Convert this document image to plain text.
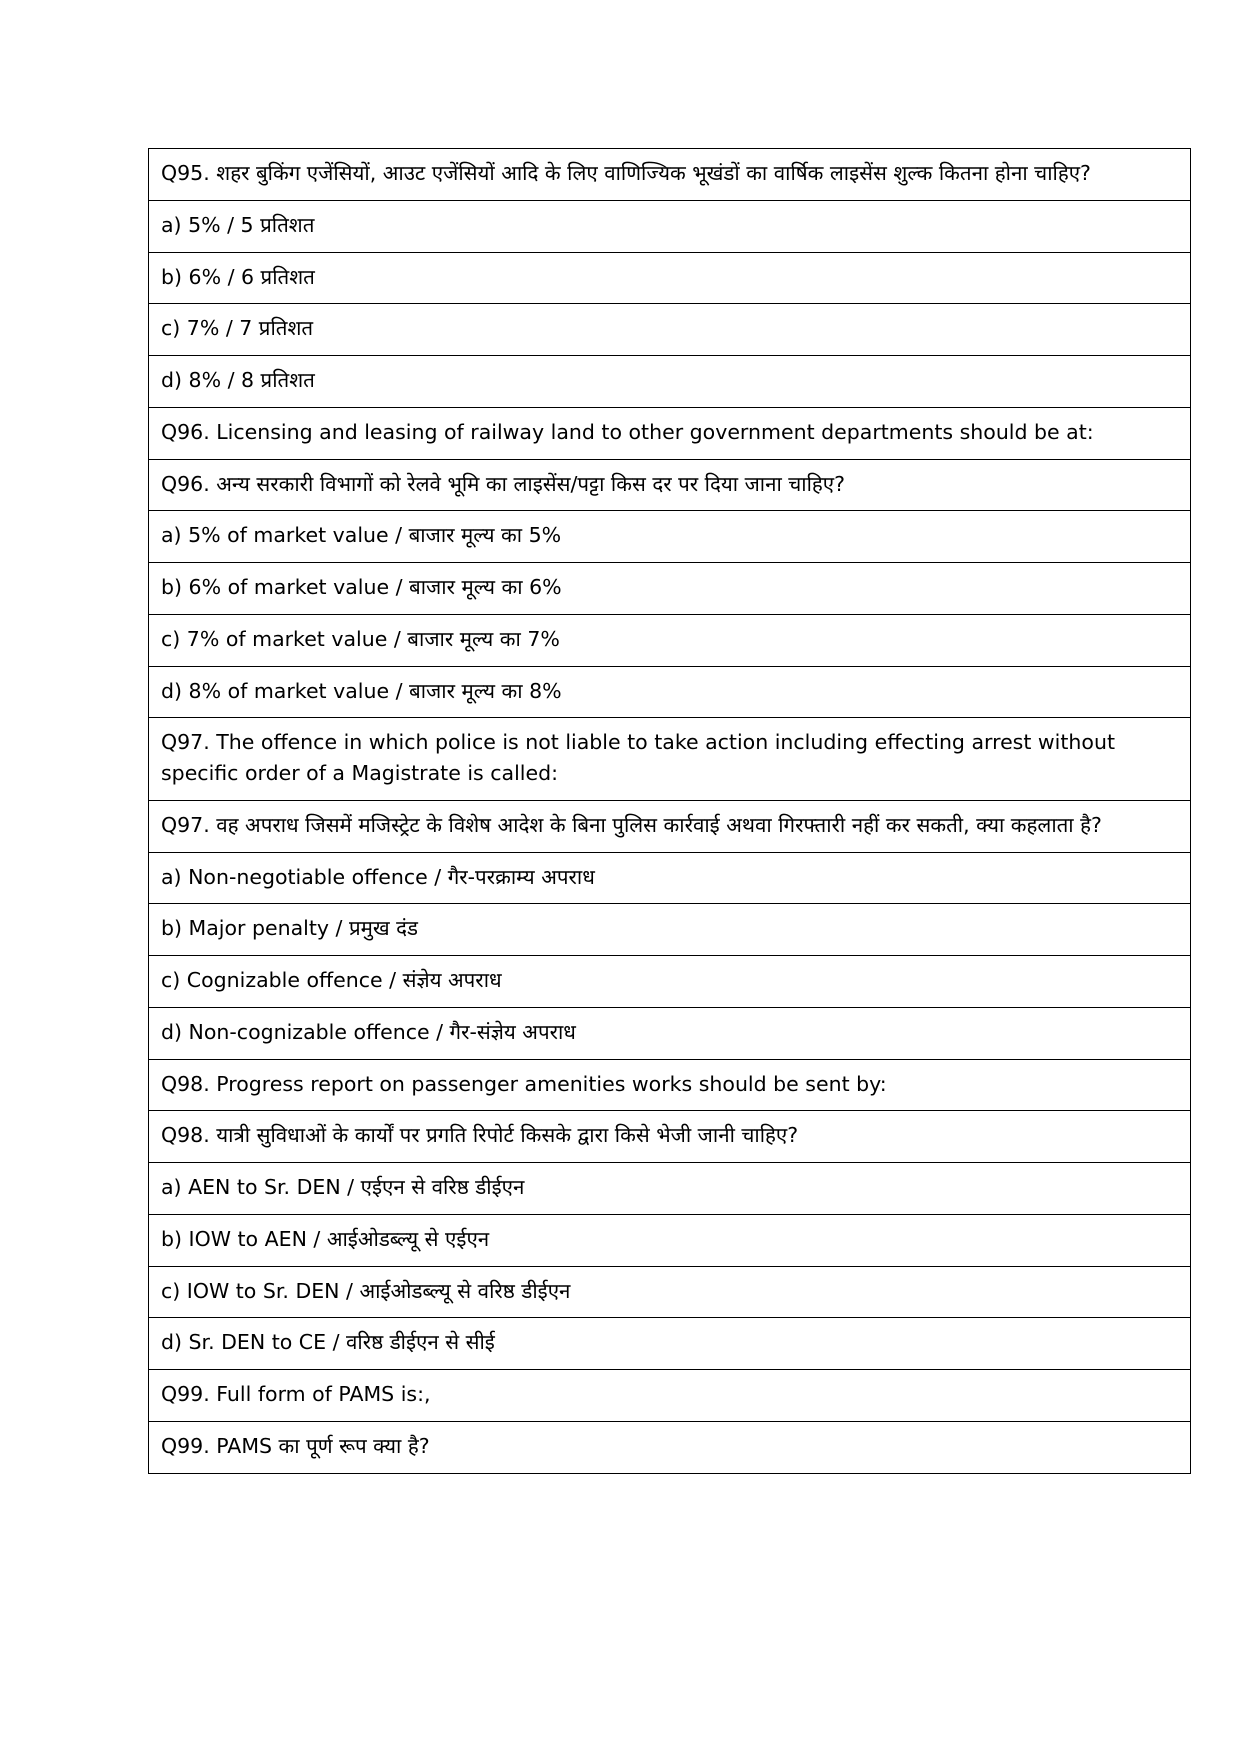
Q95. शहर बुकिंग एजेंसियों, आउट एजेंसियों आदि के लिए वाणिज्यिक भूखंडों का वार्षिक लाइसेंस शुल्क कितना होना चाहिए?
a) 5% / 5 प्रतिशत
b) 6% / 6 प्रतिशत
c) 7% / 7 प्रतिशत
d) 8% / 8 प्रतिशत
Q96. Licensing and leasing of railway land to other government departments should be at:
Q96. अन्य सरकारी विभागों को रेलवे भूमि का लाइसेंस/पट्टा किस दर पर दिया जाना चाहिए?
a) 5% of market value / बाजार मूल्य का 5%
b) 6% of market value / बाजार मूल्य का 6%
c) 7% of market value / बाजार मूल्य का 7%
d) 8% of market value / बाजार मूल्य का 8%
Q97. The offence in which police is not liable to take action including effecting arrest without specific order of a Magistrate is called:
Q97. वह अपराध जिसमें मजिस्ट्रेट के विशेष आदेश के बिना पुलिस कार्रवाई अथवा गिरफ्तारी नहीं कर सकती, क्या कहलाता है?
a) Non-negotiable offence / गैर-परक्राम्य अपराध
b) Major penalty / प्रमुख दंड
c) Cognizable offence / संज्ञेय अपराध
d) Non-cognizable offence / गैर-संज्ञेय अपराध
Q98. Progress report on passenger amenities works should be sent by:
Q98. यात्री सुविधाओं के कार्यों पर प्रगति रिपोर्ट किसके द्वारा किसे भेजी जानी चाहिए?
a) AEN to Sr. DEN / एईएन से वरिष्ठ डीईएन
b) IOW to AEN / आईओडब्ल्यू से एईएन
c) IOW to Sr. DEN / आईओडब्ल्यू से वरिष्ठ डीईएन
d) Sr. DEN to CE / वरिष्ठ डीईएन से सीई
Q99. Full form of PAMS is:,
Q99. PAMS का पूर्ण रूप क्या है?
